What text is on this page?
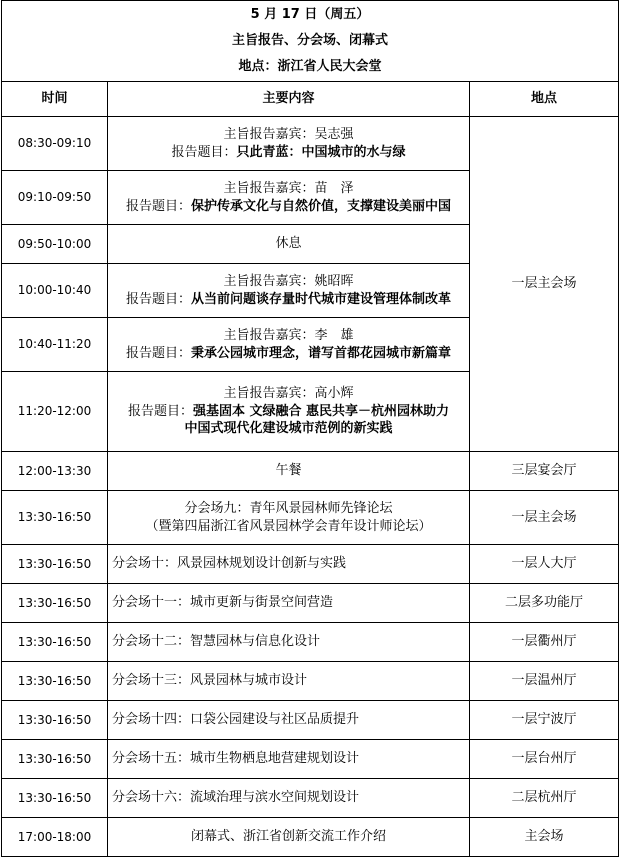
5 月 17 日（周五）
主旨报告、分会场、闭幕式
地点：浙江省人民大会堂		

时间	主要内容	地点
08:30-09:10	主旨报告嘉宾：吴志强
报告题目：只此青蓝：中国城市的水与绿	一层主会场
09:10-09:50	主旨报告嘉宾：苗　泽
报告题目：保护传承文化与自然价值，支撑建设美丽中国	

09:50-10:00	休息	
10:00-10:40	主旨报告嘉宾：姚昭晖
报告题目：从当前问题谈存量时代城市建设管理体制改革	

10:40-11:20	主旨报告嘉宾：李　雄
报告题目：秉承公园城市理念，谱写首都花园城市新篇章	

11:20-12:00	主旨报告嘉宾：高小辉
报告题目：强基固本 文绿融合 惠民共享－杭州园林助力
中国式现代化建设城市范例的新实践	

12:00-13:30	午餐	三层宴会厅
13:30-16:50	分会场九：青年风景园林师先锋论坛
（暨第四届浙江省风景园林学会青年设计师论坛）	一层主会场
13:30-16:50	分会场十：风景园林规划设计创新与实践	一层人大厅
13:30-16:50	分会场十一：城市更新与街景空间营造	二层多功能厅
13:30-16:50	分会场十二：智慧园林与信息化设计	一层衢州厅
13:30-16:50	分会场十三：风景园林与城市设计	一层温州厅
13:30-16:50	分会场十四：口袋公园建设与社区品质提升	一层宁波厅
13:30-16:50	分会场十五：城市生物栖息地营建规划设计	一层台州厅
13:30-16:50	分会场十六：流域治理与滨水空间规划设计	二层杭州厅
17:00-18:00	闭幕式、浙江省创新交流工作介绍	主会场
